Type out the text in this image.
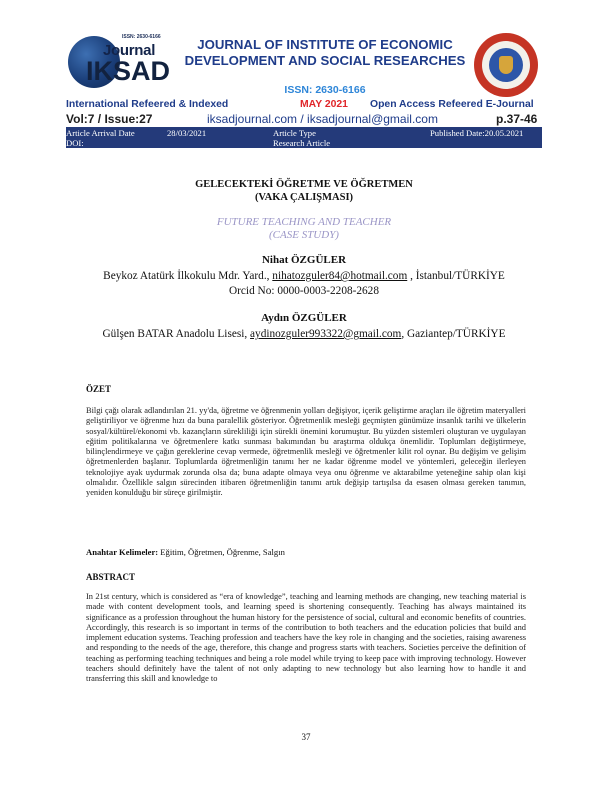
ISSN: 2630-6166
Journal
IKSAD
JOURNAL OF INSTITUTE OF ECONOMIC DEVELOPMENT AND SOCIAL RESEARCHES
ISSN: 2630-6166
International Refeered & Indexed	MAY 2021 Open Access Refeered E-Journal
Vol:7 / Issue:27	iksadjournal.com / iksadjournal@gmail.com	p.37-46
Article Arrival Date	28/03/2021
DOI:
Article Type
Research Article
Published Date:20.05.2021
GELECEKTEKİ ÖĞRETME VE ÖĞRETMEN
(VAKA ÇALIŞMASI)
FUTURE TEACHING AND TEACHER
(CASE STUDY)
Nihat ÖZGÜLER
Beykoz Atatürk İlkokulu Mdr. Yard., nihatozguler84@hotmail.com , İstanbul/TÜRKİYE
Orcid No: 0000-0003-2208-2628
Aydın ÖZGÜLER
Gülşen BATAR Anadolu Lisesi, aydinozguler993322@gmail.com, Gaziantep/TÜRKİYE
ÖZET
Bilgi çağı olarak adlandırılan 21. yy'da, öğretme ve öğrenmenin yolları değişiyor, içerik geliştirme araçları ile öğretim materyalleri geliştiriliyor ve öğrenme hızı da buna paralellik gösteriyor. Öğretmenlik mesleği geçmişten günümüze insanlık tarihi ve ülkelerin sosyal/kültürel/ekonomi vb. kazançların sürekliliği için sürekli önemini korumuştur. Bu yüzden sistemleri oluşturan ve uygulayan eğitim politikalarına ve öğretmenlere katkı sunması bakımından bu araştırma oldukça önemlidir. Toplumları değiştirmeye, bilinçlendirmeye ve çağın gereklerine cevap vermede, öğretmenlik mesleği ve öğretmenler kilit rol oynar. Bu değişim ve gelişim öğretmenlerden başlanır. Toplumlarda öğretmenliğin tanımı her ne kadar öğrenme model ve yöntemleri, geleceğin ilerleyen teknolojiye ayak uydurmak zorunda olsa da; buna adapte olmaya veya onu öğrenme ve aktarabilme yeteneğine sahip olan kişi olmalıdır. Özellikle salgın sürecinden itibaren öğretmenliğin tanımı artık değişip tartışılsa da esasen olması gereken tanımın, yeniden konulduğu bir süreçe girilmiştir.
Anahtar Kelimeler: Eğitim, Öğretmen, Öğrenme, Salgın
ABSTRACT
In 21st century, which is considered as “era of knowledge”, teaching and learning methods are changing, new teaching material is made with content development tools, and learning speed is shortening consequently. Teaching has always maintained its significance as a profession throughout the human history for the persistence of social, cultural and economic benefits of countries. Accordingly, this research is so important in terms of the contribution to both teachers and the education policies that build and implement education systems. Teaching profession and teachers have the key role in changing and the societies, raising awareness and responding to the needs of the age, therefore, this change and progress starts with teachers. Societies perceive the definition of teaching as performing teaching techniques and being a role model while trying to keep pace with improving technology. However teachers should definitely have the talent of not only adapting to new technology but also learning how to handle it and transferring this skill and knowledge to
37
